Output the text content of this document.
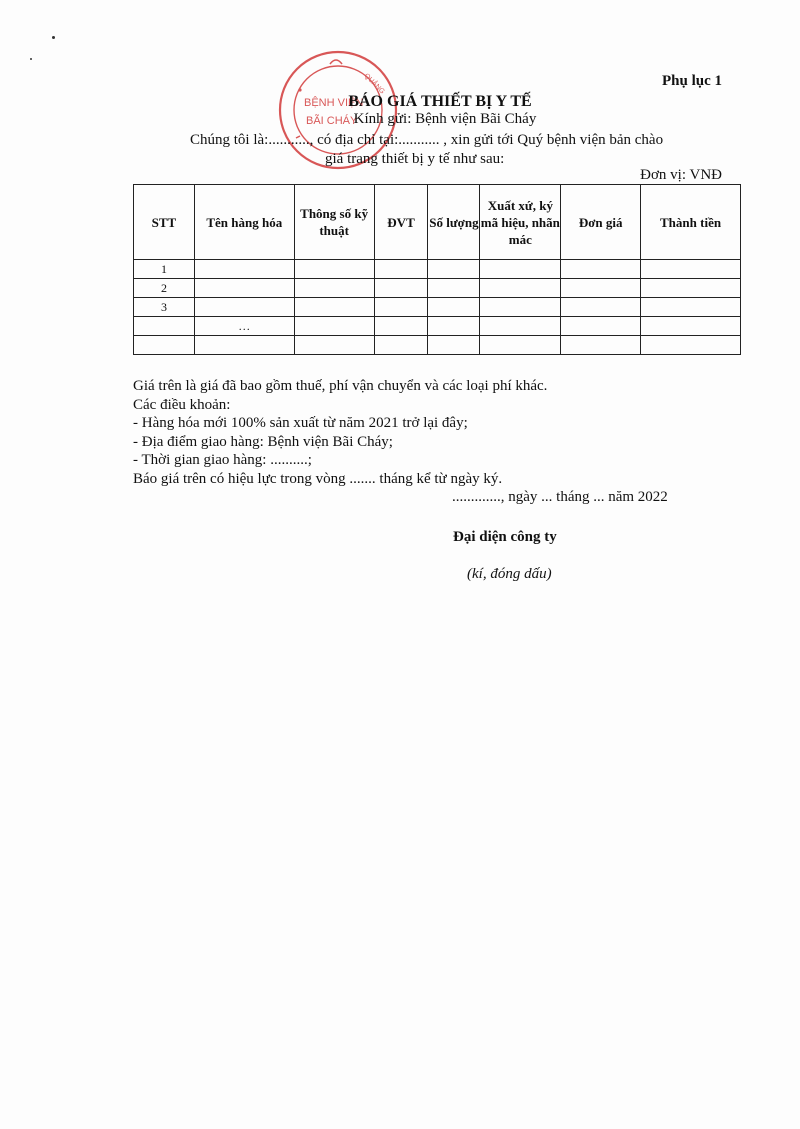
BỆNH VIỆN
BÃI CHÁY
QUẢNG	Phụ lục 1
BÁO GIÁ THIẾT BỊ Y TẾ
Kính gửi: Bệnh viện Bãi Cháy
Chúng tôi là:..........., có địa chỉ tại:........... , xin gửi tới Quý bệnh viện bản chào
giá trang thiết bị y tế như sau:
Đơn vị: VNĐ
STT	Tên hàng hóa	Thông số kỹ thuật	ĐVT	Số lượng	Xuất xứ, ký mã hiệu, nhãn mác	Đơn giá	Thành tiền
1							
2							
3							
	…						

Giá trên là giá đã bao gồm thuế, phí vận chuyển và các loại phí khác.

Các điều khoản:

- Hàng hóa mới 100% sản xuất từ năm 2021 trở lại đây;

- Địa điểm giao hàng: Bệnh viện Bãi Cháy;

- Thời gian giao hàng: ..........;

Báo giá trên có hiệu lực trong vòng ....... tháng kể từ ngày ký.

............., ngày ... tháng ... năm 2022
Đại diện công ty
(kí, đóng dấu)
